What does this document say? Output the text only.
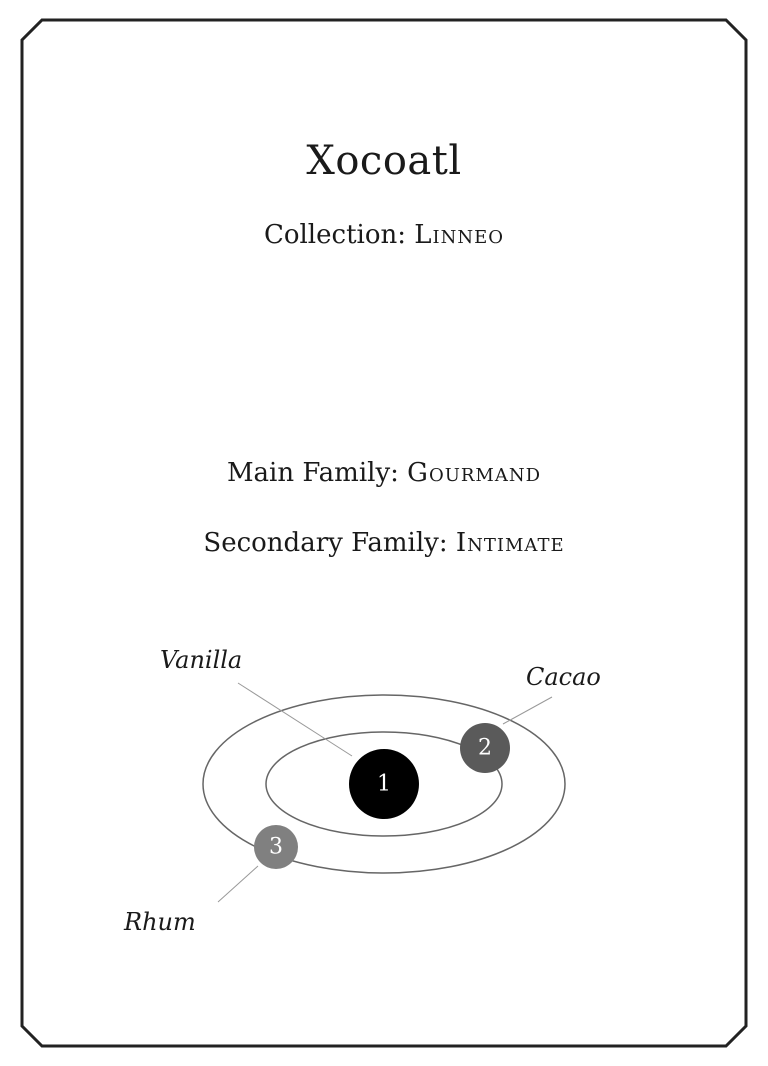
Xocoatl

Collection: Linneo

Main Family: Gourmand

Secondary Family: Intimate

1
2
3
Vanilla
Cacao
Rhum
